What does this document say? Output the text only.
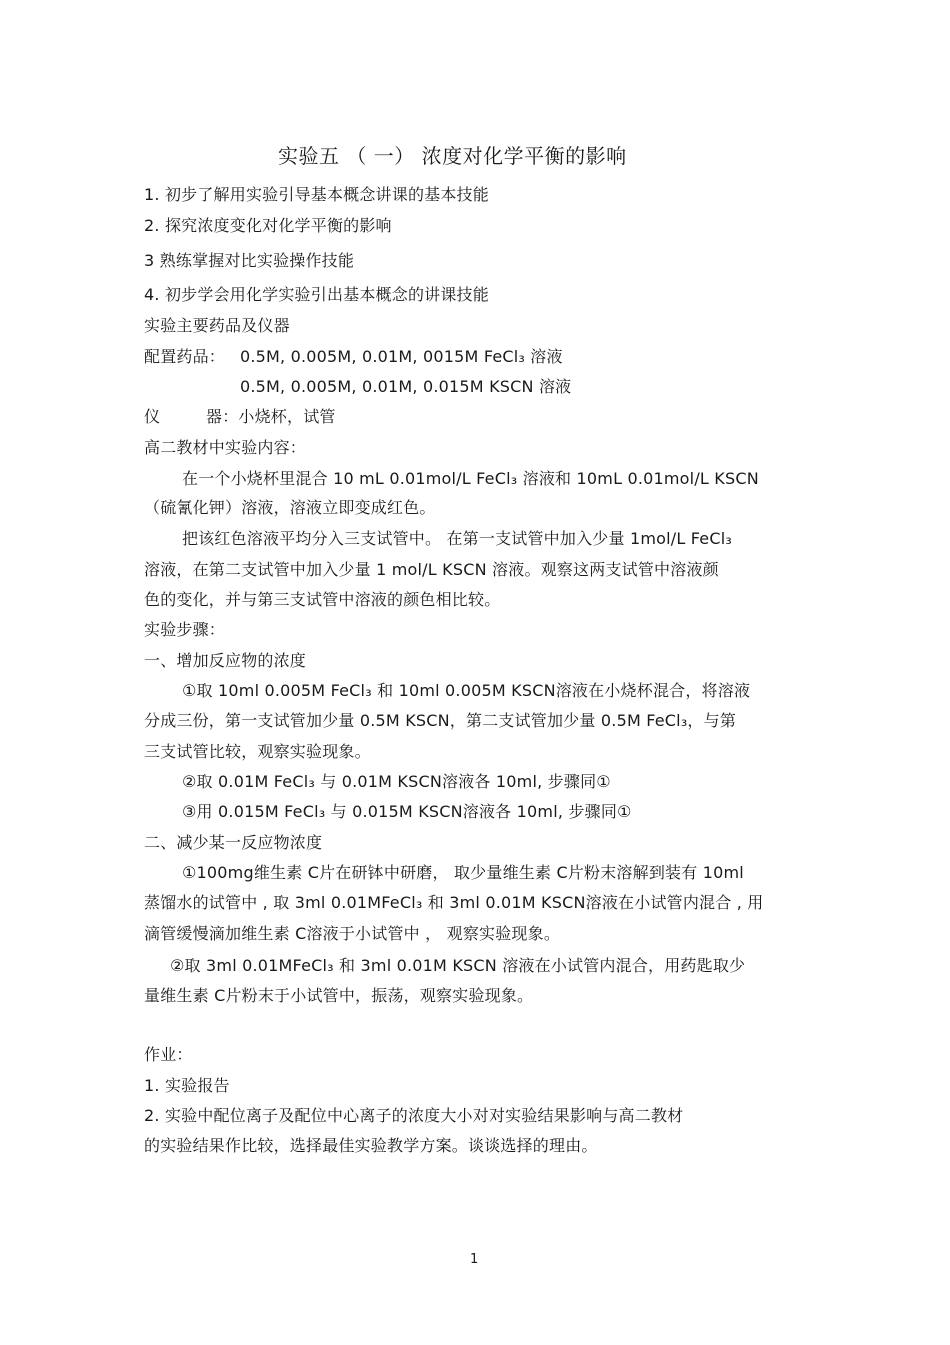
实验五 （ 一） 浓度对化学平衡的影响
1. 初步了解用实验引导基本概念讲课的基本技能
2. 探究浓度变化对化学平衡的影响
3 熟练掌握对比实验操作技能
4. 初步学会用化学实验引出基本概念的讲课技能
实验主要药品及仪器
配置药品： 0.5M, 0.005M, 0.01M, 0015M FeCl₃ 溶液
0.5M, 0.005M, 0.01M, 0.015M KSCN 溶液
仪	器：小烧杯，试管
高二教材中实验内容：
在一个小烧杯里混合 10 mL 0.01mol/L FeCl₃ 溶液和 10mL 0.01mol/L KSCN
（硫氰化钾）溶液，溶液立即变成红色。
把该红色溶液平均分入三支试管中。 在第一支试管中加入少量 1mol/L FeCl₃
溶液，在第二支试管中加入少量 1 mol/L KSCN 溶液。观察这两支试管中溶液颜
色的变化，并与第三支试管中溶液的颜色相比较。
实验步骤：
一、增加反应物的浓度
①取 10ml 0.005M FeCl₃ 和 10ml 0.005M KSCN溶液在小烧杯混合，将溶液
分成三份，第一支试管加少量 0.5M KSCN，第二支试管加少量 0.5M FeCl₃，与第
三支试管比较，观察实验现象。
②取 0.01M FeCl₃ 与 0.01M KSCN溶液各 10ml, 步骤同①
③用 0.015M FeCl₃ 与 0.015M KSCN溶液各 10ml, 步骤同①
二、减少某一反应物浓度
①100mg维生素 C片在研钵中研磨， 取少量维生素 C片粉末溶解到装有 10ml
蒸馏水的试管中 , 取 3ml 0.01MFeCl₃ 和 3ml 0.01M KSCN溶液在小试管内混合 , 用
滴管缓慢滴加维生素 C溶液于小试管中 ， 观察实验现象。
②取 3ml 0.01MFeCl₃ 和 3ml 0.01M KSCN 溶液在小试管内混合，用药匙取少
量维生素 C片粉末于小试管中，振荡，观察实验现象。
作业：
1. 实验报告
2. 实验中配位离子及配位中心离子的浓度大小对对实验结果影响与高二教材
的实验结果作比较，选择最佳实验教学方案。谈谈选择的理由。
1
